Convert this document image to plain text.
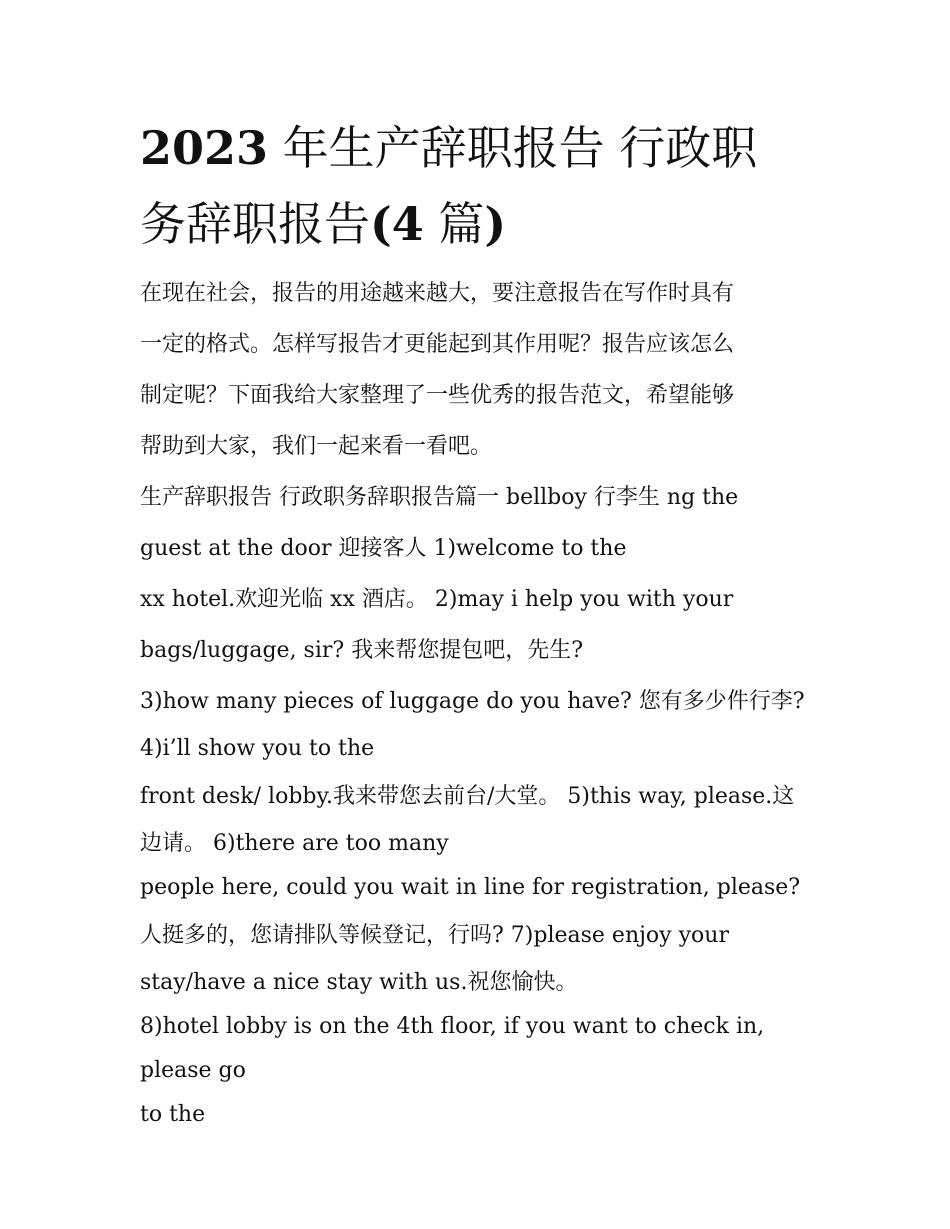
2023 年生产辞职报告 行政职
务辞职报告(4 篇)

在现在社会，报告的用途越来越大，要注意报告在写作时具有

一定的格式。怎样写报告才更能起到其作用呢？报告应该怎么

制定呢？下面我给大家整理了一些优秀的报告范文，希望能够

帮助到大家，我们一起来看一看吧。

生产辞职报告 行政职务辞职报告篇一 bellboy 行李生 ng the

guest at the door 迎接客人 1)welcome to the

xx hotel.欢迎光临 xx 酒店。 2)may i help you with your

bags/luggage, sir? 我来帮您提包吧，先生?

3)how many pieces of luggage do you have? 您有多少件行李?

4)i’ll show you to the

front desk/ lobby.我来带您去前台/大堂。 5)this way, please.这

边请。 6)there are too many

people here, could you wait in line for registration, please?

人挺多的，您请排队等候登记，行吗? 7)please enjoy your

stay/have a nice stay with us.祝您愉快。

8)hotel lobby is on the 4th floor, if you want to check in, please go

to the
